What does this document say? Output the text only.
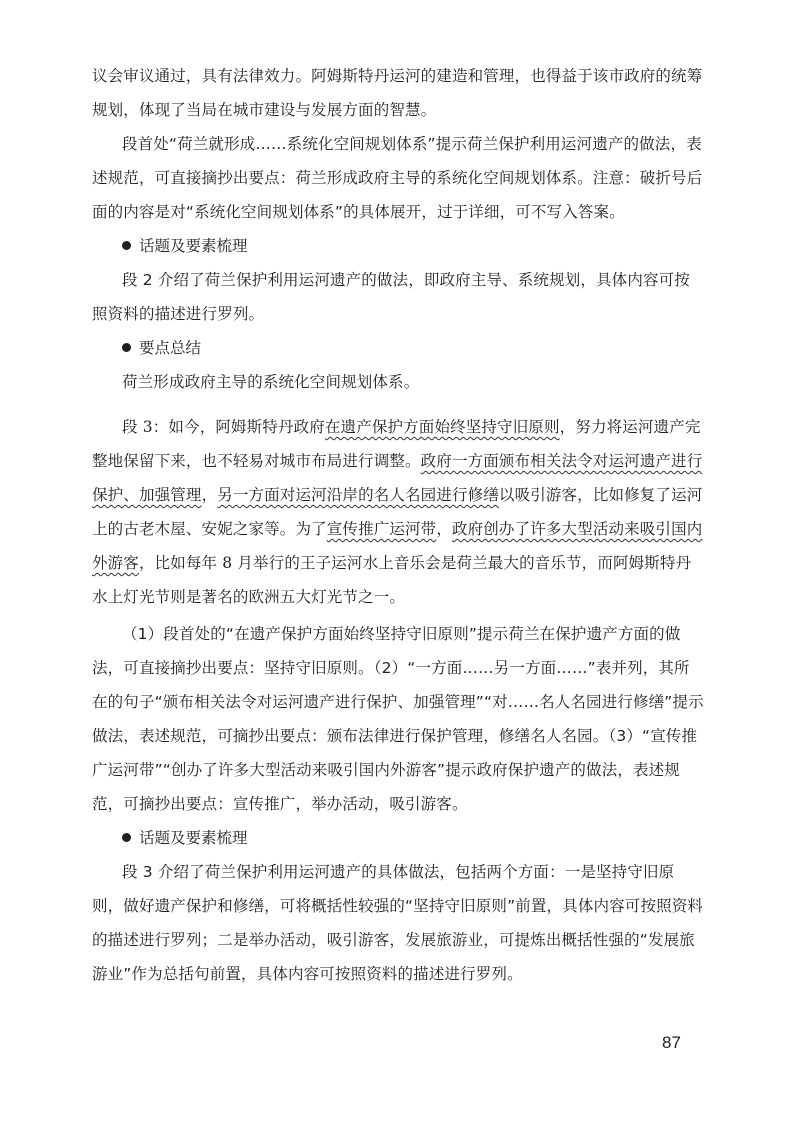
议会审议通过，具有法律效力。阿姆斯特丹运河的建造和管理，也得益于该市政府的统筹规划，体现了当局在城市建设与发展方面的智慧。

段首处“荷兰就形成……系统化空间规划体系”提示荷兰保护利用运河遗产的做法，表述规范，可直接摘抄出要点：荷兰形成政府主导的系统化空间规划体系。注意：破折号后面的内容是对“系统化空间规划体系”的具体展开，过于详细，可不写入答案。

话题及要素梳理

段 2 介绍了荷兰保护利用运河遗产的做法，即政府主导、系统规划，具体内容可按照资料的描述进行罗列。

要点总结

荷兰形成政府主导的系统化空间规划体系。

段 3：如今，阿姆斯特丹政府在遗产保护方面始终坚持守旧原则，努力将运河遗产完整地保留下来，也不轻易对城市布局进行调整。政府一方面颁布相关法令对运河遗产进行保护、加强管理，另一方面对运河沿岸的名人名园进行修缮以吸引游客，比如修复了运河上的古老木屋、安妮之家等。为了宣传推广运河带，政府创办了许多大型活动来吸引国内外游客，比如每年 8 月举行的王子运河水上音乐会是荷兰最大的音乐节，而阿姆斯特丹水上灯光节则是著名的欧洲五大灯光节之一。

（1）段首处的“在遗产保护方面始终坚持守旧原则”提示荷兰在保护遗产方面的做法，可直接摘抄出要点：坚持守旧原则。（2）“一方面……另一方面……”表并列，其所在的句子“颁布相关法令对运河遗产进行保护、加强管理”“对……名人名园进行修缮”提示做法，表述规范，可摘抄出要点：颁布法律进行保护管理，修缮名人名园。（3）“宣传推广运河带”“创办了许多大型活动来吸引国内外游客”提示政府保护遗产的做法，表述规范，可摘抄出要点：宣传推广，举办活动，吸引游客。

话题及要素梳理

段 3 介绍了荷兰保护利用运河遗产的具体做法，包括两个方面：一是坚持守旧原则，做好遗产保护和修缮，可将概括性较强的“坚持守旧原则”前置，具体内容可按照资料的描述进行罗列；二是举办活动，吸引游客，发展旅游业，可提炼出概括性强的“发展旅游业”作为总括句前置，具体内容可按照资料的描述进行罗列。

87
